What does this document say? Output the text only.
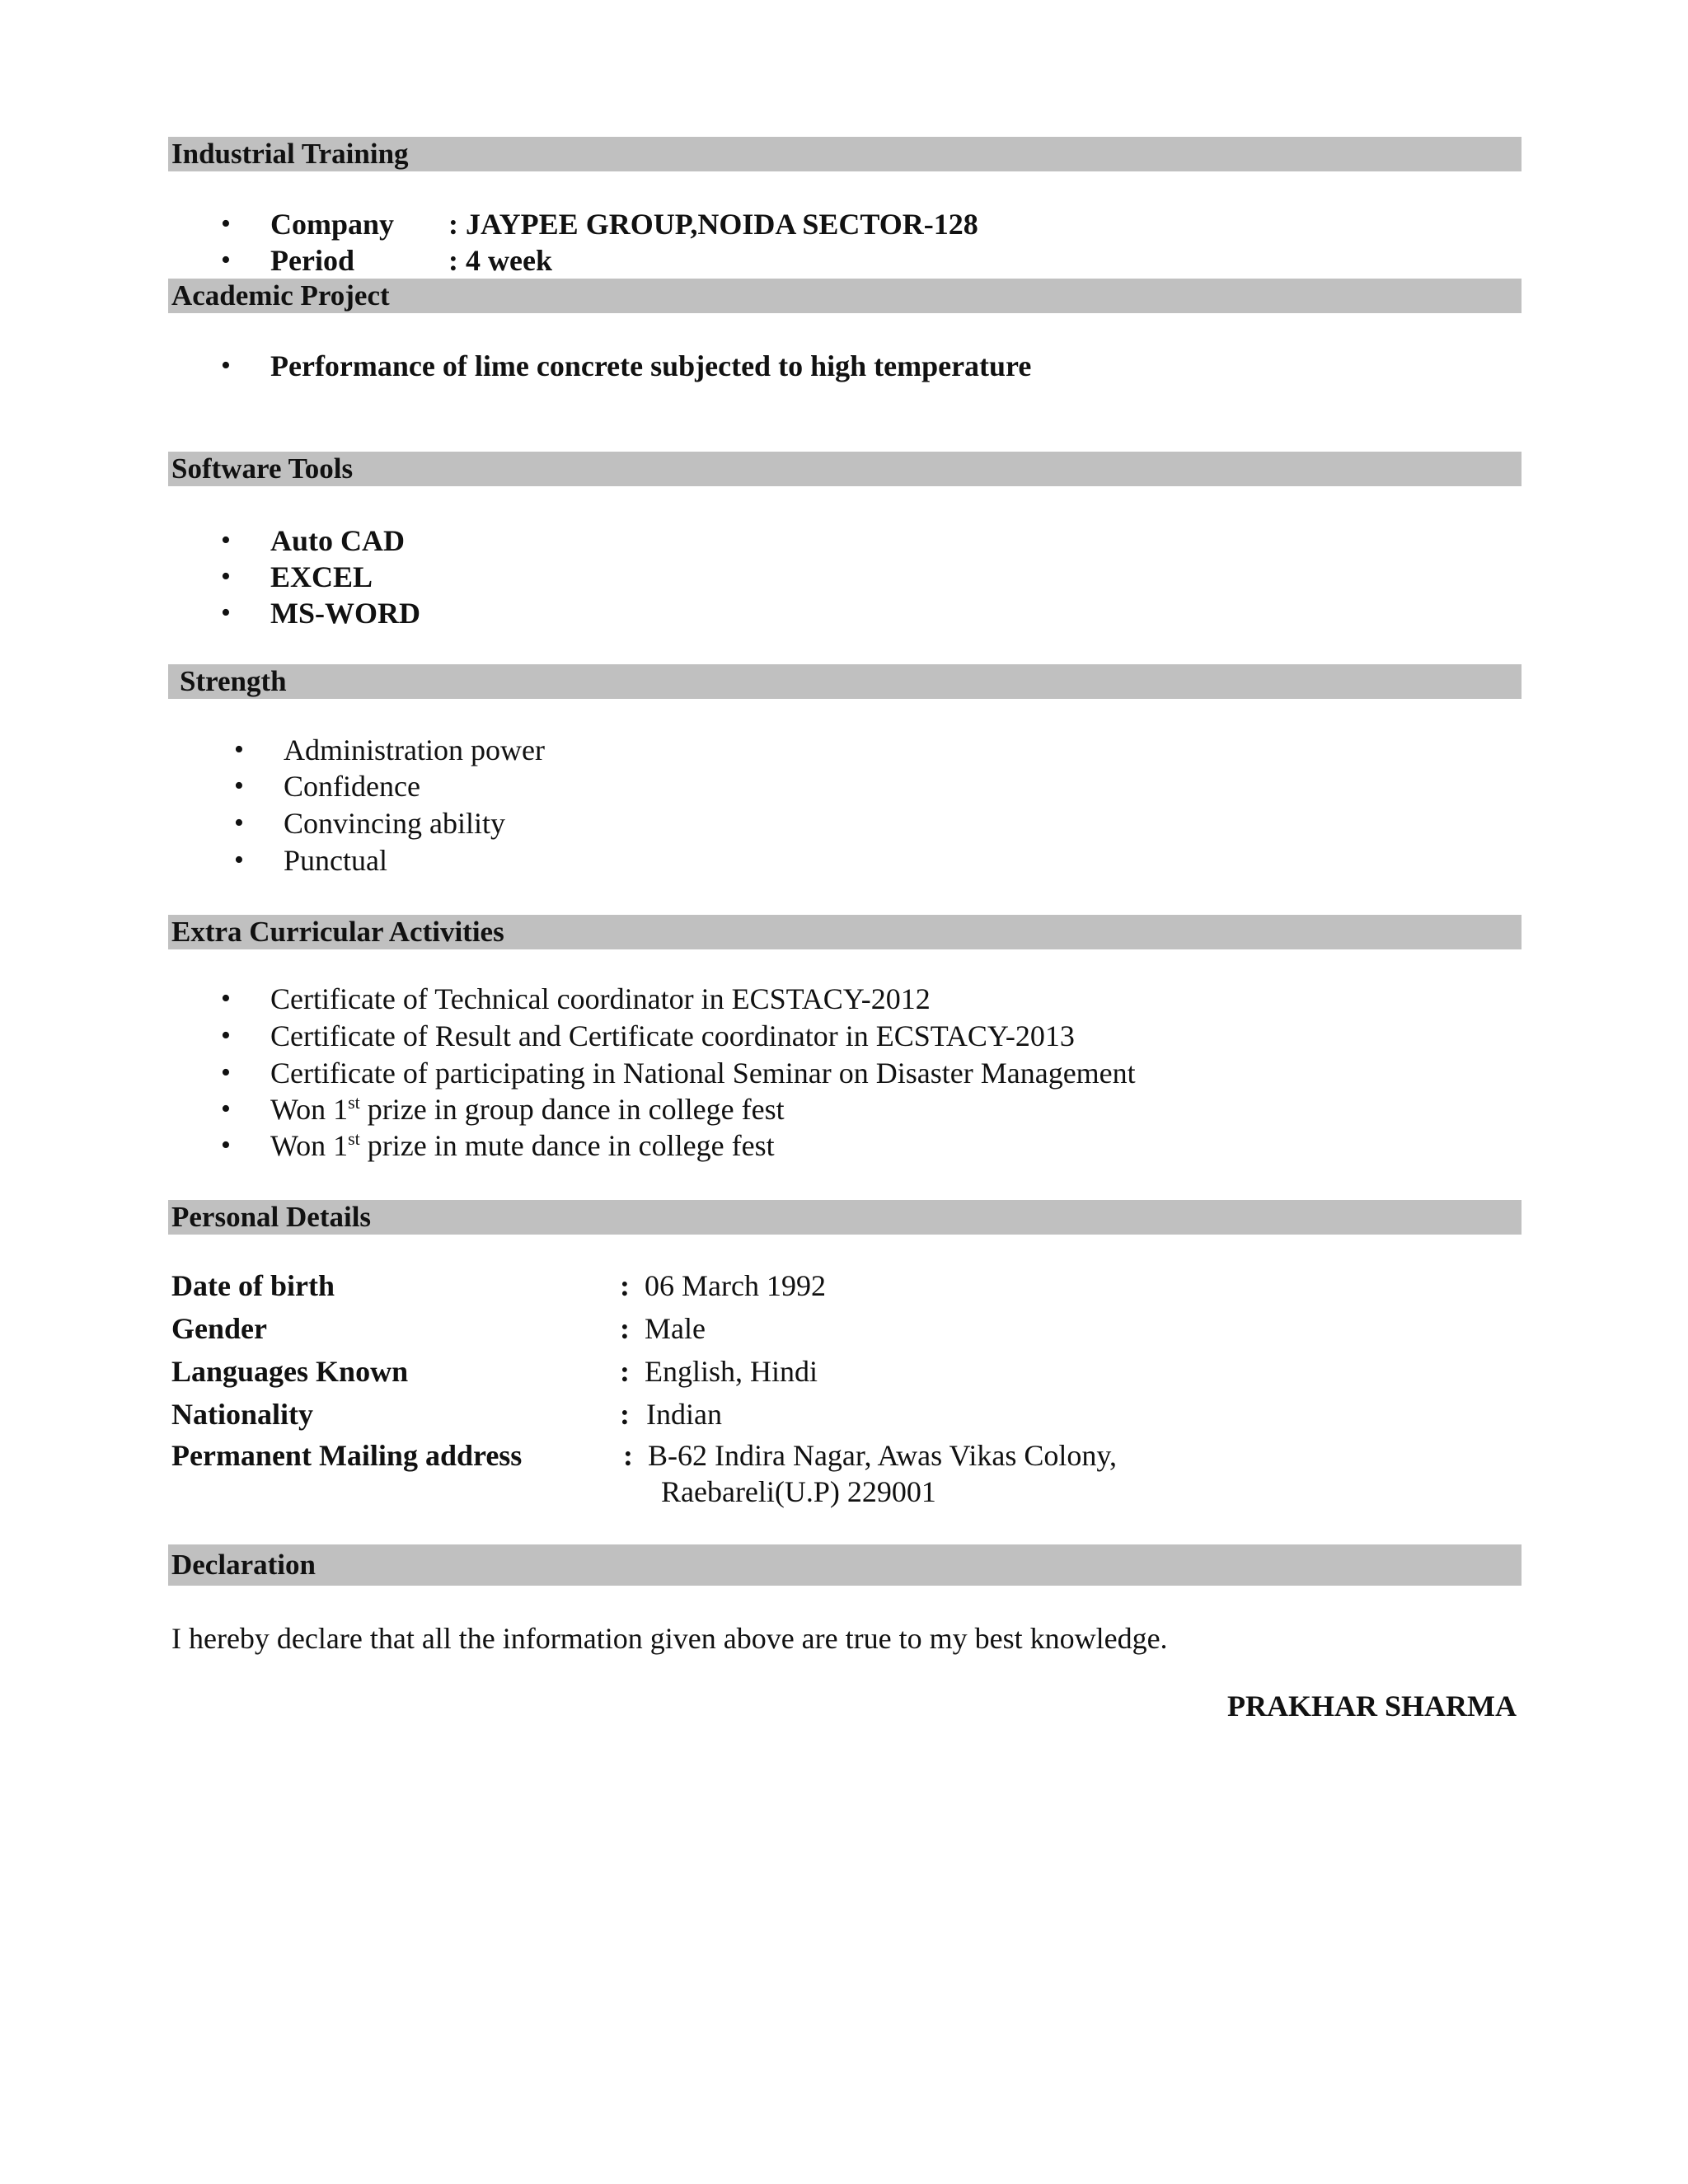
Industrial Training
• Company : JAYPEE GROUP,NOIDA SECTOR-128
• Period	: 4 week
Academic Project
• Performance of lime concrete subjected to high temperature
Software Tools
• Auto CAD
• EXCEL
• MS-WORD
Strength
• Administration power
• Confidence
• Convincing ability
• Punctual
Extra Curricular Activities
• Certificate of Technical coordinator in ECSTACY-2012
• Certificate of Result and Certificate coordinator in ECSTACY-2013
• Certificate of participating in National Seminar on Disaster Management
• Won 1st prize in group dance in college fest
• Won 1st prize in mute dance in college fest
Personal Details
Date of birth	: 06 March 1992
Gender	: Male
Languages Known	: English, Hindi
Nationality	: Indian
Permanent Mailing address	: B-62 Indira Nagar, Awas Vikas Colony,
Raebareli(U.P) 229001
Declaration
I hereby declare that all the information given above are true to my best knowledge.
PRAKHAR SHARMA
